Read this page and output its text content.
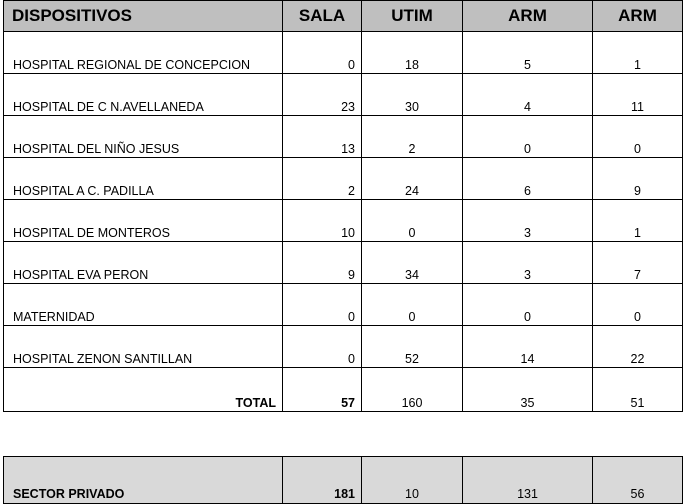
DISPOSITIVOS	SALA	UTIM	ARM	ARM
HOSPITAL REGIONAL DE CONCEPCION	0	18	5	1
HOSPITAL DE C N.AVELLANEDA	23	30	4	11
HOSPITAL DEL NIÑO JESUS	13	2	0	0
HOSPITAL A C. PADILLA	2	24	6	9
HOSPITAL DE MONTEROS	10	0	3	1
HOSPITAL EVA PERON	9	34	3	7
MATERNIDAD	0	0	0	0
HOSPITAL ZENON SANTILLAN	0	52	14	22
TOTAL	57	160	35	51
SECTOR PRIVADO	181	10	131	56
